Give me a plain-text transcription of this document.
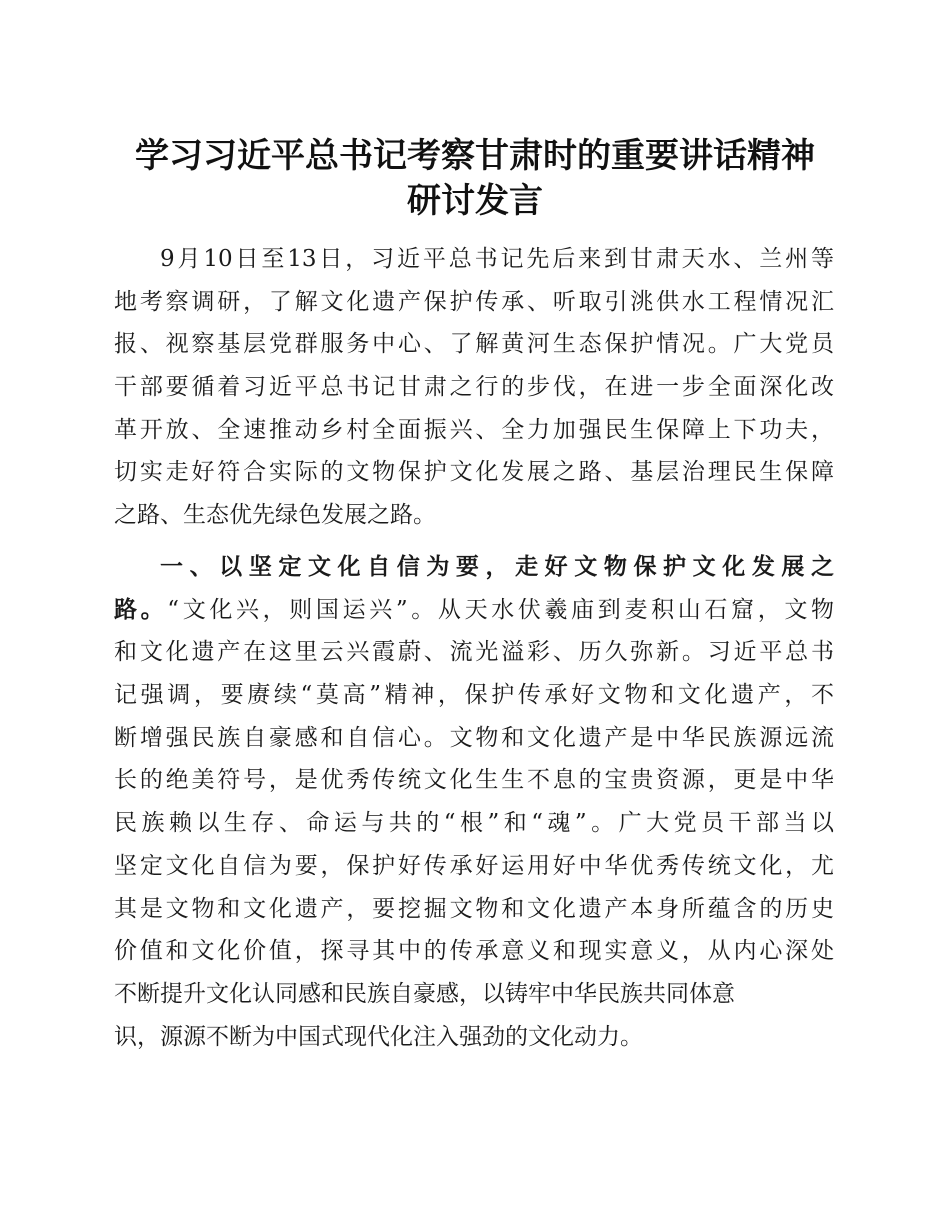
学习习近平总书记考察甘肃时的重要讲话精神
研讨发言
9月10日至13日，习近平总书记先后来到甘肃天水、兰州等
地考察调研，了解文化遗产保护传承、听取引洮供水工程情况汇
报、视察基层党群服务中心、了解黄河生态保护情况。广大党员
干部要循着习近平总书记甘肃之行的步伐，在进一步全面深化改
革开放、全速推动乡村全面振兴、全力加强民生保障上下功夫，
切实走好符合实际的文物保护文化发展之路、基层治理民生保障
之路、生态优先绿色发展之路。
一、以坚定文化自信为要，走好文物保护文化发展之
路。“文化兴，则国运兴”。从天水伏羲庙到麦积山石窟，文物
和文化遗产在这里云兴霞蔚、流光溢彩、历久弥新。习近平总书
记强调，要赓续“莫高”精神，保护传承好文物和文化遗产，不
断增强民族自豪感和自信心。文物和文化遗产是中华民族源远流
长的绝美符号，是优秀传统文化生生不息的宝贵资源，更是中华
民族赖以生存、命运与共的“根”和“魂”。广大党员干部当以
坚定文化自信为要，保护好传承好运用好中华优秀传统文化，尤
其是文物和文化遗产，要挖掘文物和文化遗产本身所蕴含的历史
价值和文化价值，探寻其中的传承意义和现实意义，从内心深处
不断提升文化认同感和民族自豪感，以铸牢中华民族共同体意
识，源源不断为中国式现代化注入强劲的文化动力。
